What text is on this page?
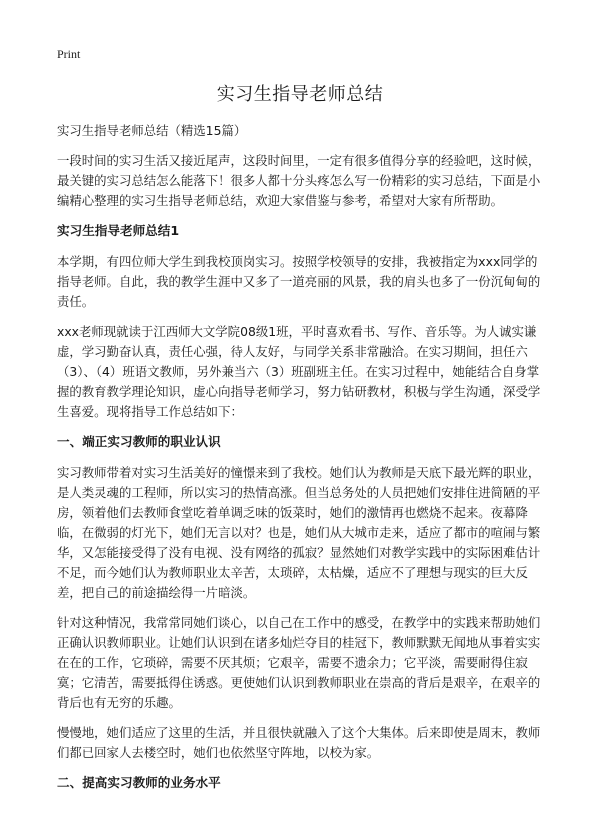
Print
实习生指导老师总结

实习生指导老师总结（精选15篇）

一段时间的实习生活又接近尾声，这段时间里，一定有很多值得分享的经验吧，这时候，最关键的实习总结怎么能落下！很多人都十分头疼怎么写一份精彩的实习总结，下面是小编精心整理的实习生指导老师总结，欢迎大家借鉴与参考，希望对大家有所帮助。

实习生指导老师总结1

本学期，有四位师大学生到我校顶岗实习。按照学校领导的安排，我被指定为xxx同学的指导老师。自此，我的教学生涯中又多了一道亮丽的风景，我的肩头也多了一份沉甸甸的责任。

xxx老师现就读于江西师大文学院08级1班，平时喜欢看书、写作、音乐等。为人诚实谦虚，学习勤奋认真，责任心强，待人友好，与同学关系非常融洽。在实习期间，担任六（3）、（4）班语文教师，另外兼当六（3）班副班主任。在实习过程中，她能结合自身掌握的教育教学理论知识，虚心向指导老师学习，努力钻研教材，积极与学生沟通，深受学生喜爱。现将指导工作总结如下：

一、端正实习教师的职业认识

实习教师带着对实习生活美好的憧憬来到了我校。她们认为教师是天底下最光辉的职业，是人类灵魂的工程师，所以实习的热情高涨。但当总务处的人员把她们安排住进简陋的平房，领着他们去教师食堂吃着单调乏味的饭菜时，她们的激情再也燃烧不起来。夜幕降临，在微弱的灯光下，她们无言以对？也是，她们从大城市走来，适应了都市的喧闹与繁华，又怎能接受得了没有电视、没有网络的孤寂？显然她们对教学实践中的实际困难估计不足，而今她们认为教师职业太辛苦，太琐碎，太枯燥，适应不了理想与现实的巨大反差，把自己的前途描绘得一片暗淡。

针对这种情况，我常常同她们谈心，以自己在工作中的感受，在教学中的实践来帮助她们正确认识教师职业。让她们认识到在诸多灿烂夺目的桂冠下，教师默默无闻地从事着实实在在的工作，它琐碎，需要不厌其烦；它艰辛，需要不遗余力；它平淡，需要耐得住寂寞；它清苦，需要抵得住诱惑。更使她们认识到教师职业在崇高的背后是艰辛，在艰辛的背后也有无穷的乐趣。

慢慢地，她们适应了这里的生活，并且很快就融入了这个大集体。后来即使是周末，教师们都已回家人去楼空时，她们也依然坚守阵地，以校为家。

二、提高实习教师的业务水平
